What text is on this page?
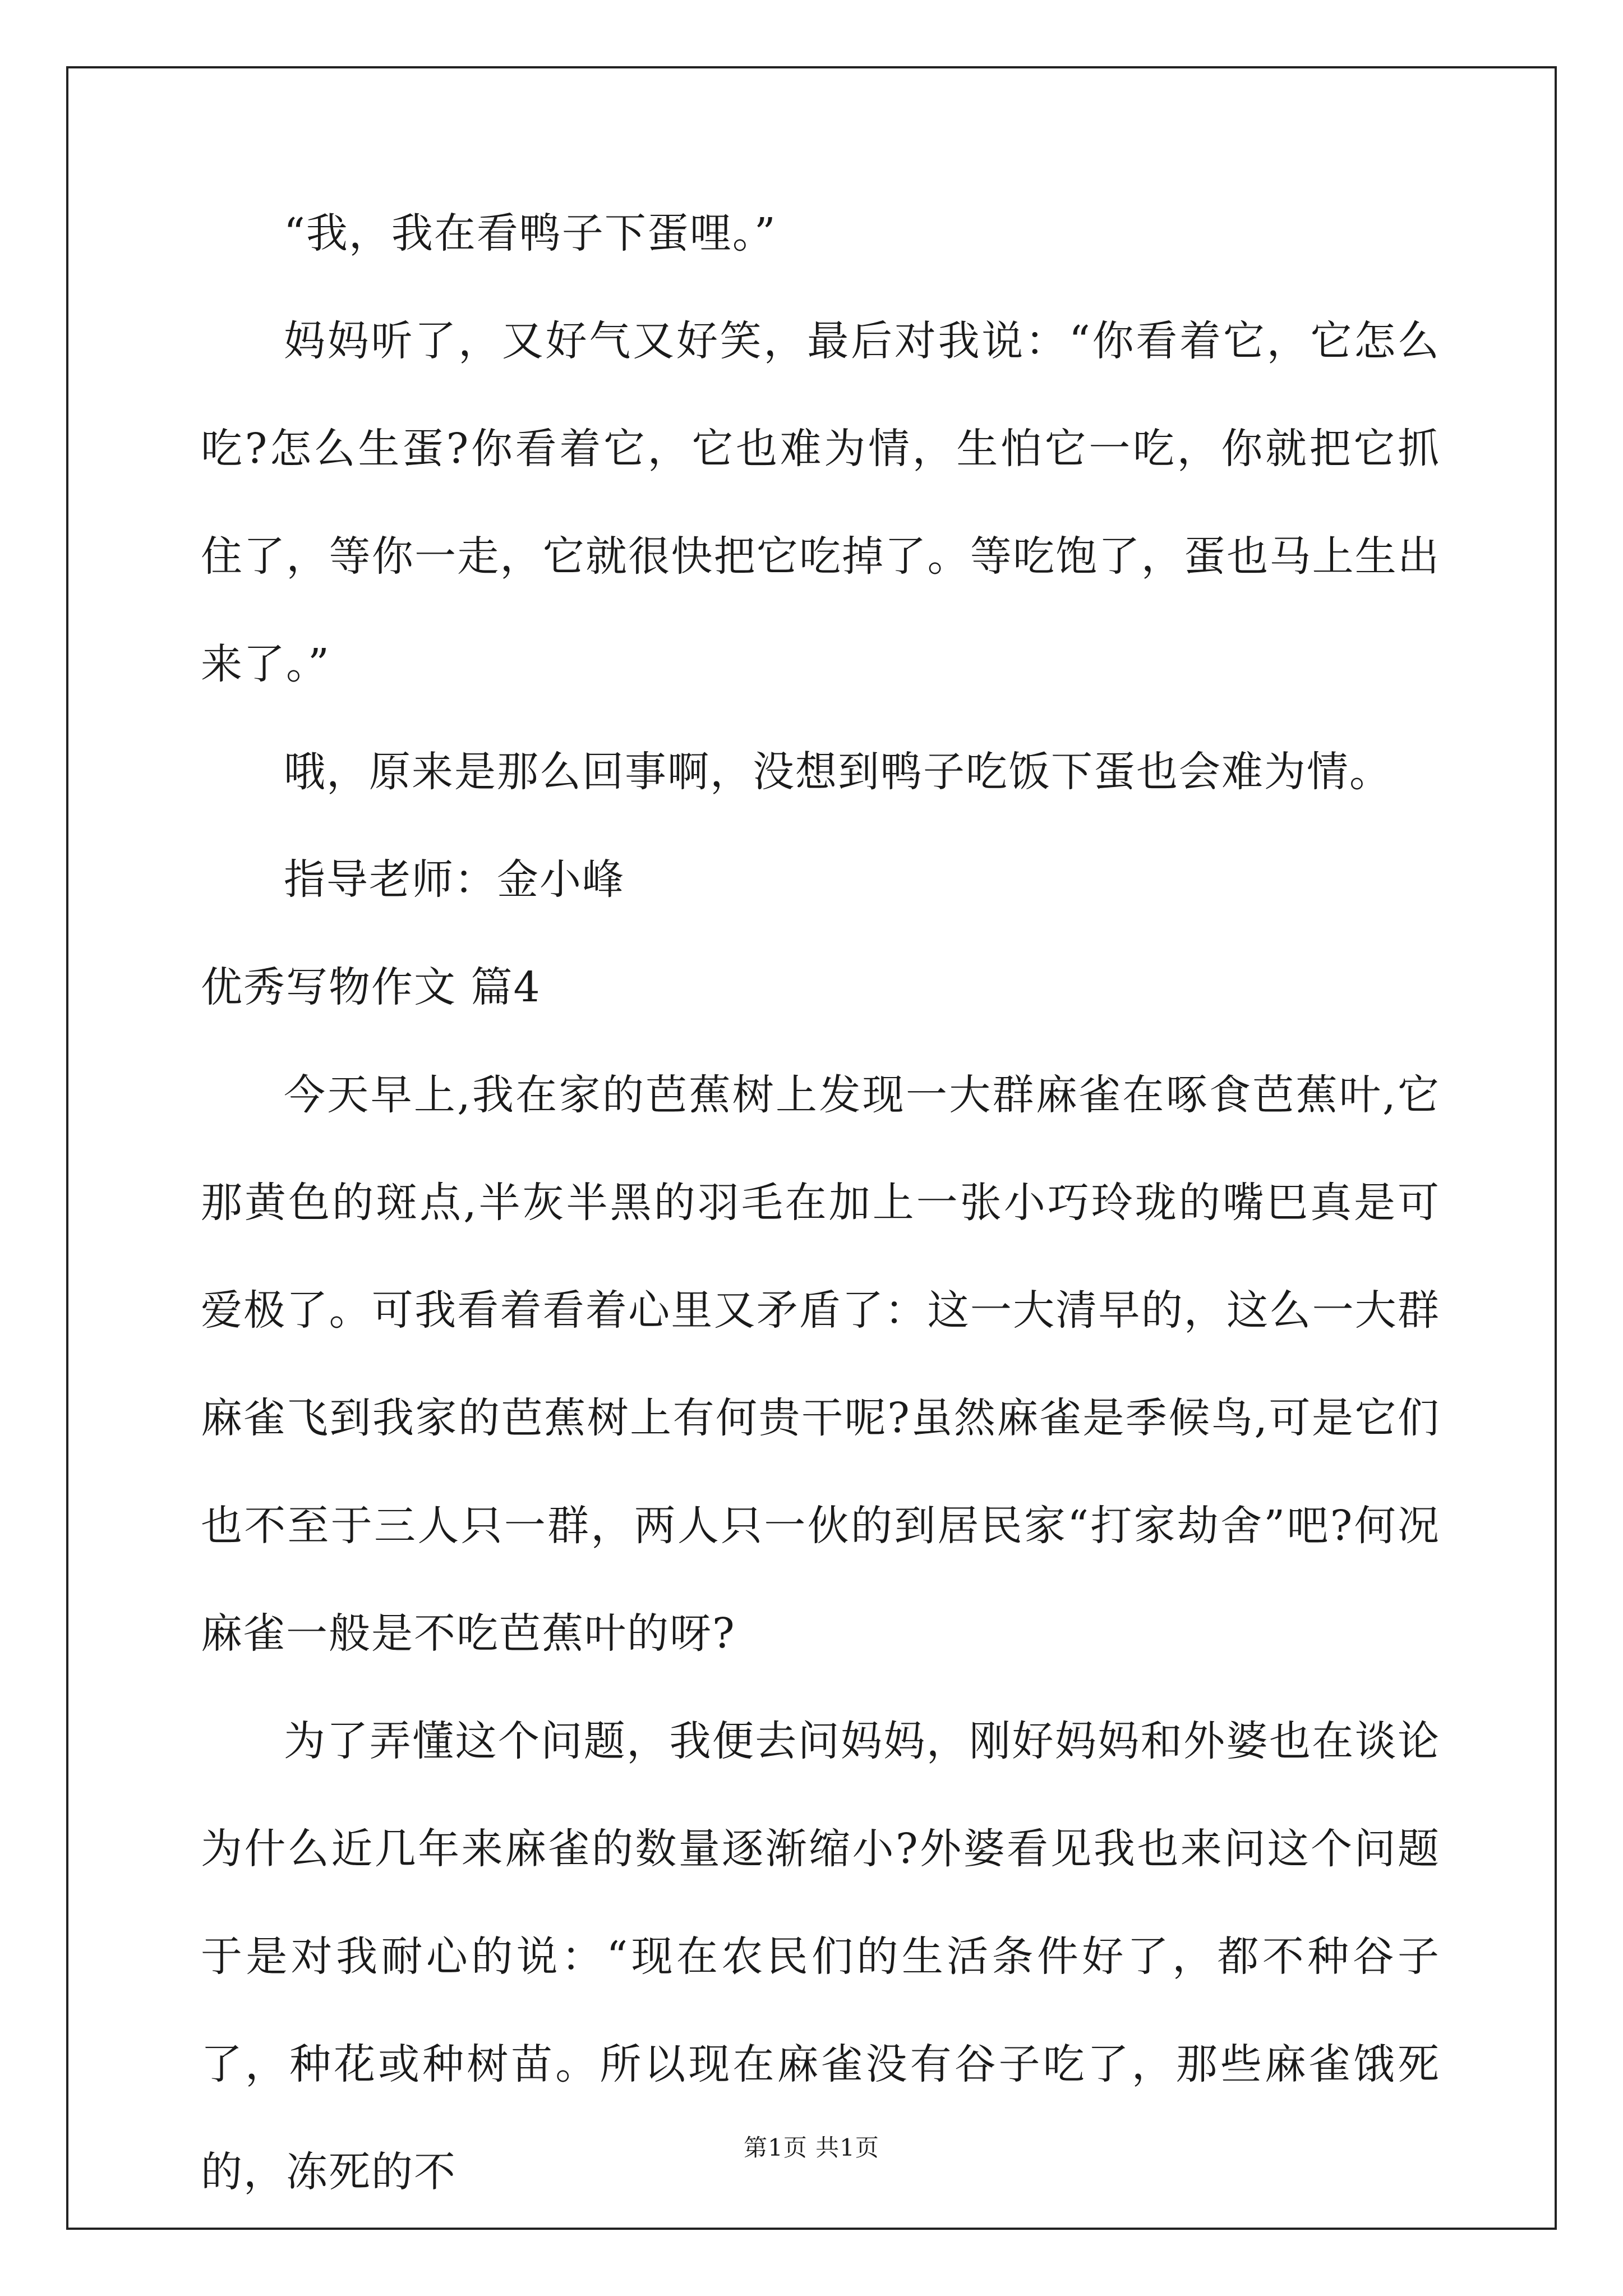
“我，我在看鸭子下蛋哩。”

妈妈听了，又好气又好笑，最后对我说：“你看着它，它怎么吃?怎么生蛋?你看着它，它也难为情，生怕它一吃，你就把它抓住了，等你一走，它就很快把它吃掉了。等吃饱了，蛋也马上生出来了。”

哦，原来是那么回事啊，没想到鸭子吃饭下蛋也会难为情。

指导老师：金小峰

优秀写物作文 篇4

今天早上,我在家的芭蕉树上发现一大群麻雀在啄食芭蕉叶,它那黄色的斑点,半灰半黑的羽毛在加上一张小巧玲珑的嘴巴真是可爱极了。可我看着看着心里又矛盾了：这一大清早的，这么一大群麻雀飞到我家的芭蕉树上有何贵干呢?虽然麻雀是季候鸟,可是它们也不至于三人只一群，两人只一伙的到居民家“打家劫舍”吧?何况麻雀一般是不吃芭蕉叶的呀?

为了弄懂这个问题，我便去问妈妈，刚好妈妈和外婆也在谈论为什么近几年来麻雀的数量逐渐缩小?外婆看见我也来问这个问题于是对我耐心的说：“现在农民们的生活条件好了，都不种谷子了，种花或种树苗。所以现在麻雀没有谷子吃了，那些麻雀饿死的，冻死的不

第1页 共1页
